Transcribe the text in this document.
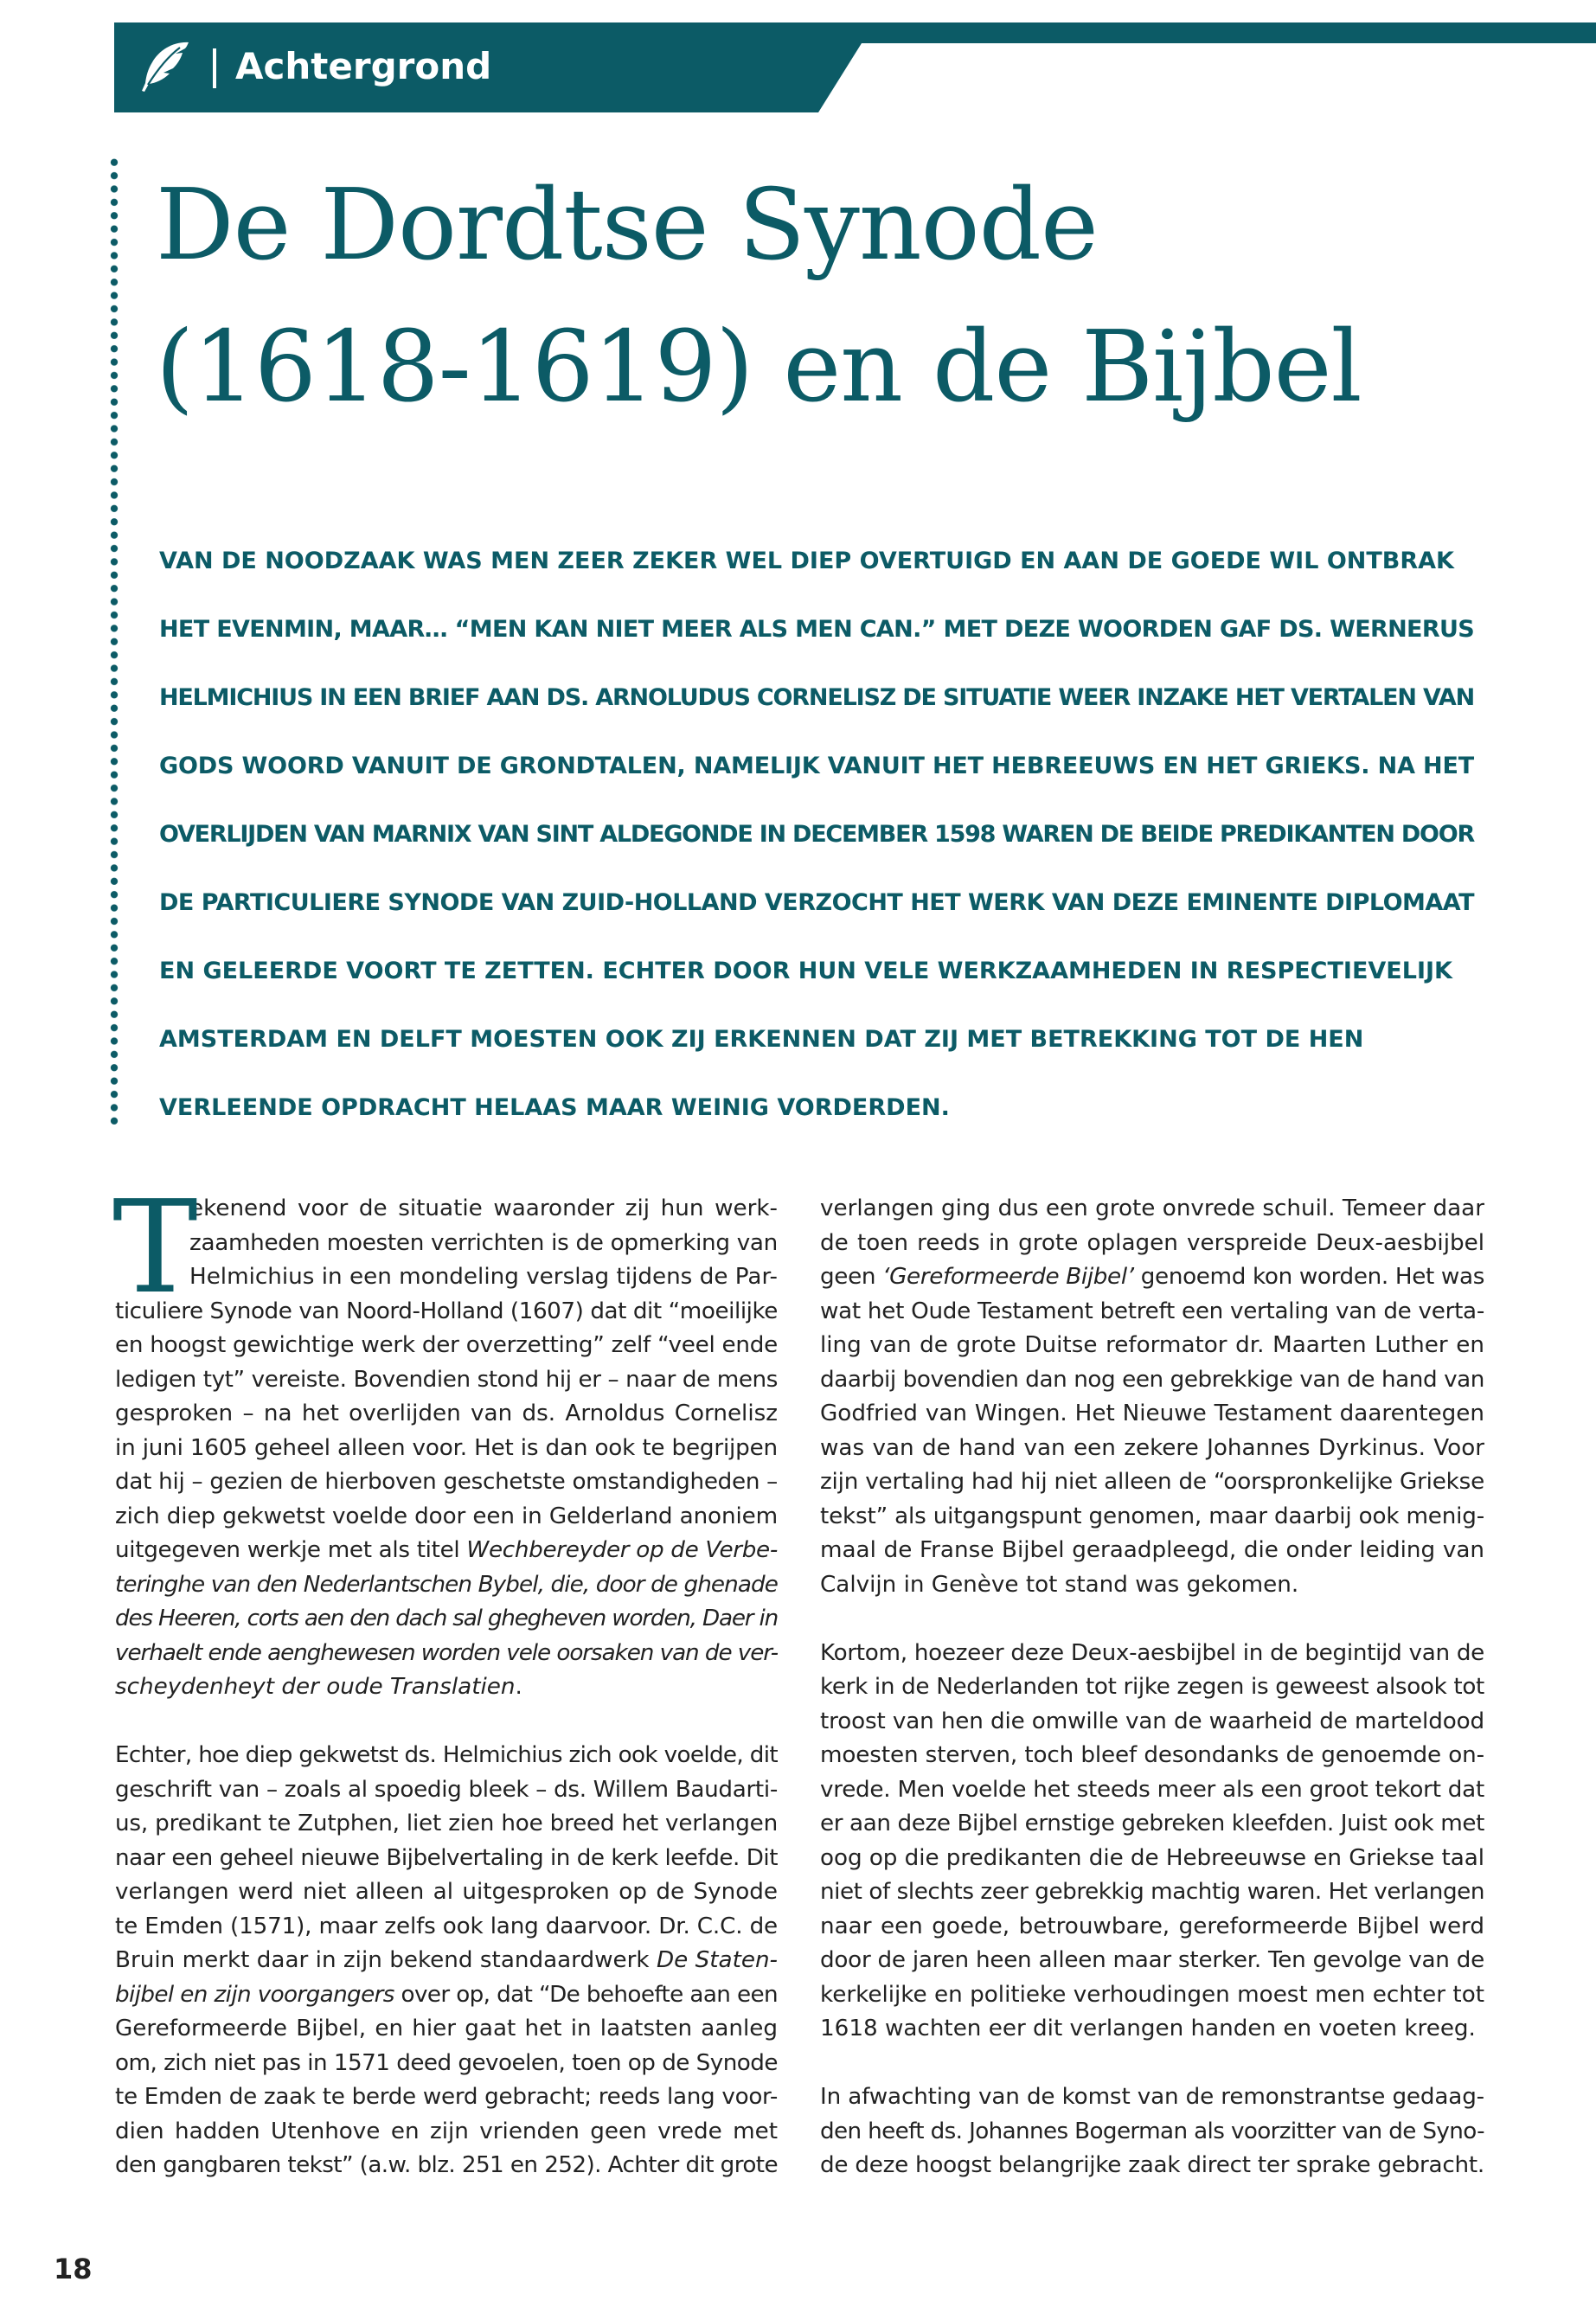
Achtergrond
De Dordtse Synode
(1618-1619) en de Bijbel
VAN DE NOODZAAK WAS MEN ZEER ZEKER WEL DIEP OVERTUIGD EN AAN DE GOEDE WIL ONTBRAK
HET EVENMIN, MAAR… “MEN KAN NIET MEER ALS MEN CAN.” MET DEZE WOORDEN GAF DS. WERNERUS
HELMICHIUS IN EEN BRIEF AAN DS. ARNOLUDUS CORNELISZ DE SITUATIE WEER INZAKE HET VERTALEN VAN
GODS WOORD VANUIT DE GRONDTALEN, NAMELIJK VANUIT HET HEBREEUWS EN HET GRIEKS. NA HET
OVERLIJDEN VAN MARNIX VAN SINT ALDEGONDE IN DECEMBER 1598 WAREN DE BEIDE PREDIKANTEN DOOR
DE PARTICULIERE SYNODE VAN ZUID-HOLLAND VERZOCHT HET WERK VAN DEZE EMINENTE DIPLOMAAT
EN GELEERDE VOORT TE ZETTEN. ECHTER DOOR HUN VELE WERKZAAMHEDEN IN RESPECTIEVELIJK
AMSTERDAM EN DELFT MOESTEN OOK ZIJ ERKENNEN DAT ZIJ MET BETREKKING TOT DE HEN
VERLEENDE OPDRACHT HELAAS MAAR WEINIG VORDERDEN.
T
ekenend voor de situatie waaronder zij hun werk-
zaamheden moesten verrichten is de opmerking van
Helmichius in een mondeling verslag tijdens de Par-
ticuliere Synode van Noord-Holland (1607) dat dit “moeilijke
en hoogst gewichtige werk der overzetting” zelf “veel ende
ledigen tyt” vereiste. Bovendien stond hij er – naar de mens
gesproken – na het overlijden van ds. Arnoldus Cornelisz
in juni 1605 geheel alleen voor. Het is dan ook te begrijpen
dat hij – gezien de hierboven geschetste omstandigheden –
zich diep gekwetst voelde door een in Gelderland anoniem
uitgegeven werkje met als titel Wechbereyder op de Verbe-
teringhe van den Nederlantschen Bybel, die, door de ghenade
des Heeren, corts aen den dach sal ghegheven worden, Daer in
verhaelt ende aenghewesen worden vele oorsaken van de ver-
scheydenheyt der oude Translatien.
Echter, hoe diep gekwetst ds. Helmichius zich ook voelde, dit
geschrift van – zoals al spoedig bleek – ds. Willem Baudarti-
us, predikant te Zutphen, liet zien hoe breed het verlangen
naar een geheel nieuwe Bijbelvertaling in de kerk leefde. Dit
verlangen werd niet alleen al uitgesproken op de Synode
te Emden (1571), maar zelfs ook lang daarvoor. Dr. C.C. de
Bruin merkt daar in zijn bekend standaardwerk De Staten-
bijbel en zijn voorgangers over op, dat “De behoefte aan een
Gereformeerde Bijbel, en hier gaat het in laatsten aanleg
om, zich niet pas in 1571 deed gevoelen, toen op de Synode
te Emden de zaak te berde werd gebracht; reeds lang voor-
dien hadden Utenhove en zijn vrienden geen vrede met
den gangbaren tekst” (a.w. blz. 251 en 252). Achter dit grote
verlangen ging dus een grote onvrede schuil. Temeer daar
de toen reeds in grote oplagen verspreide Deux-aesbijbel
geen ‘Gereformeerde Bijbel’ genoemd kon worden. Het was
wat het Oude Testament betreft een vertaling van de verta-
ling van de grote Duitse reformator dr. Maarten Luther en
daarbij bovendien dan nog een gebrekkige van de hand van
Godfried van Wingen. Het Nieuwe Testament daarentegen
was van de hand van een zekere Johannes Dyrkinus. Voor
zijn vertaling had hij niet alleen de “oorspronkelijke Griekse
tekst” als uitgangspunt genomen, maar daarbij ook menig-
maal de Franse Bijbel geraadpleegd, die onder leiding van
Calvijn in Genève tot stand was gekomen.
Kortom, hoezeer deze Deux-aesbijbel in de begintijd van de
kerk in de Nederlanden tot rijke zegen is geweest alsook tot
troost van hen die omwille van de waarheid de marteldood
moesten sterven, toch bleef desondanks de genoemde on-
vrede. Men voelde het steeds meer als een groot tekort dat
er aan deze Bijbel ernstige gebreken kleefden. Juist ook met
oog op die predikanten die de Hebreeuwse en Griekse taal
niet of slechts zeer gebrekkig machtig waren. Het verlangen
naar een goede, betrouwbare, gereformeerde Bijbel werd
door de jaren heen alleen maar sterker. Ten gevolge van de
kerkelijke en politieke verhoudingen moest men echter tot
1618 wachten eer dit verlangen handen en voeten kreeg.
In afwachting van de komst van de remonstrantse gedaag-
den heeft ds. Johannes Bogerman als voorzitter van de Syno-
de deze hoogst belangrijke zaak direct ter sprake gebracht.
18
